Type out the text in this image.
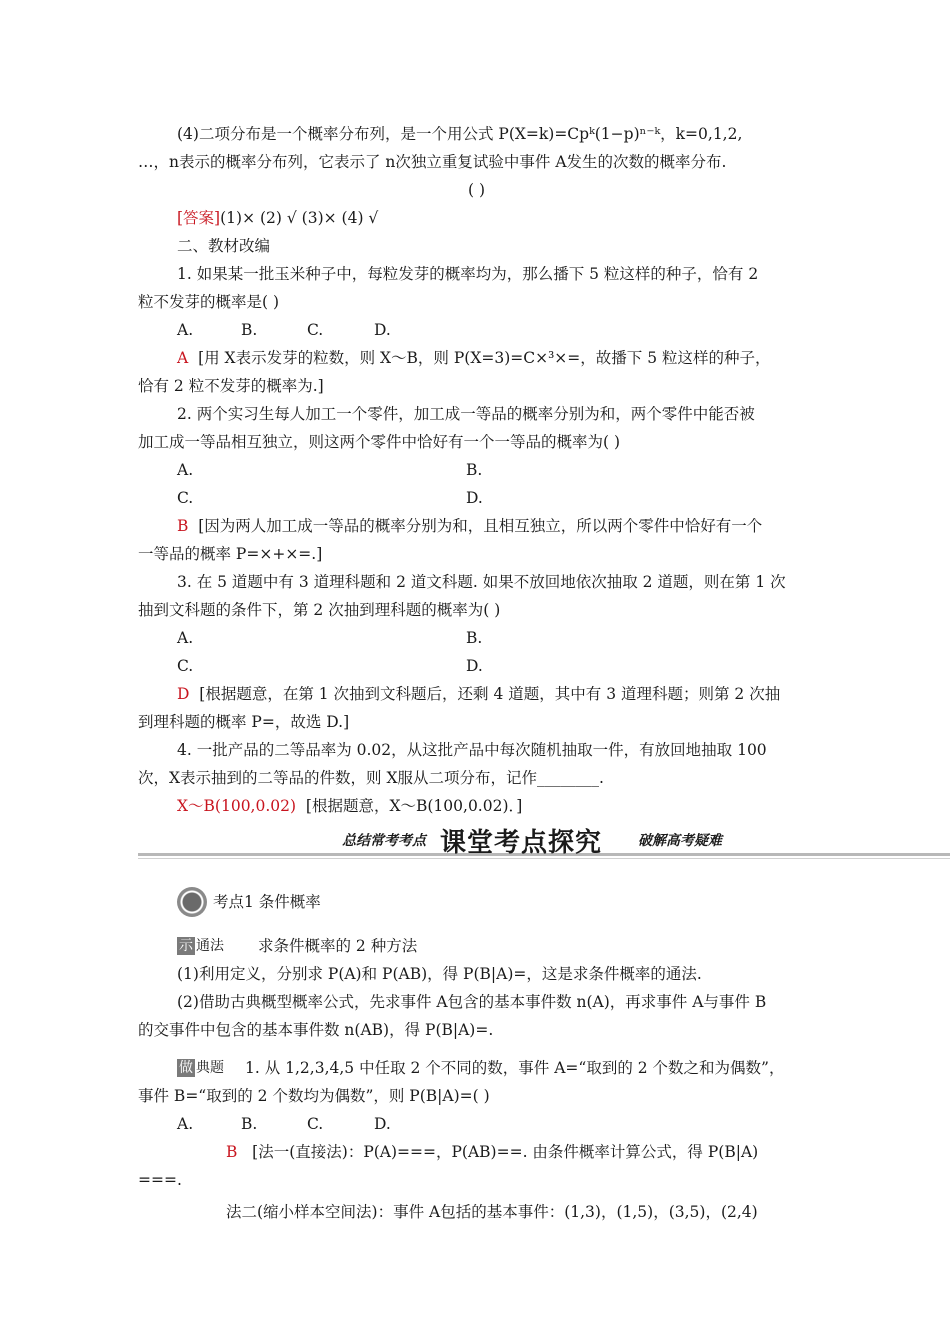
(4)二项分布是一个概率分布列，是一个用公式 P(X=k)=Cpᵏ(1−p)ⁿ⁻ᵏ，k=0,1,2,
…，n表示的概率分布列，它表示了 n次独立重复试验中事件 A发生的次数的概率分布.
( )
[答案](1)× (2) √ (3)× (4) √
二、教材改编
1. 如果某一批玉米种子中，每粒发芽的概率均为，那么播下 5 粒这样的种子，恰有 2
粒不发芽的概率是( )
A.	B.	C.	D.
A [用 X表示发芽的粒数，则 X～B，则 P(X=3)=C×³×=，故播下 5 粒这样的种子，
恰有 2 粒不发芽的概率为.]
2. 两个实习生每人加工一个零件，加工成一等品的概率分别为和，两个零件中能否被
加工成一等品相互独立，则这两个零件中恰好有一个一等品的概率为( )
A.	B.
C.	D.
B [因为两人加工成一等品的概率分别为和，且相互独立，所以两个零件中恰好有一个
一等品的概率 P=×+×=.]
3. 在 5 道题中有 3 道理科题和 2 道文科题. 如果不放回地依次抽取 2 道题，则在第 1 次
抽到文科题的条件下，第 2 次抽到理科题的概率为( )
A.	B.
C.	D.
D [根据题意，在第 1 次抽到文科题后，还剩 4 道题，其中有 3 道理科题；则第 2 次抽
到理科题的概率 P=，故选 D.]
4. 一批产品的二等品率为 0.02，从这批产品中每次随机抽取一件，有放回地抽取 100
次，X表示抽到的二等品的件数，则 X服从二项分布，记作________.
X～B(100,0.02) [根据题意，X～B(100,0.02)．]
总结常考考点 课堂考点探究	破解高考疑难
考点1 条件概率
示 通法 求条件概率的 2 种方法
(1)利用定义，分别求 P(A)和 P(AB)，得 P(B|A)=，这是求条件概率的通法.
(2)借助古典概型概率公式，先求事件 A包含的基本事件数 n(A)，再求事件 A与事件 B
的交事件中包含的基本事件数 n(AB)，得 P(B|A)=.
做 典题 1. 从 1,2,3,4,5 中任取 2 个不同的数，事件 A=“取到的 2 个数之和为偶数”，
事件 B=“取到的 2 个数均为偶数”，则 P(B|A)=( )
A.	B.	C.	D.
B [法一(直接法)：P(A)===，P(AB)==. 由条件概率计算公式，得 P(B|A)
===.
法二(缩小样本空间法)：事件 A包括的基本事件：(1,3)，(1,5)，(3,5)，(2,4)
